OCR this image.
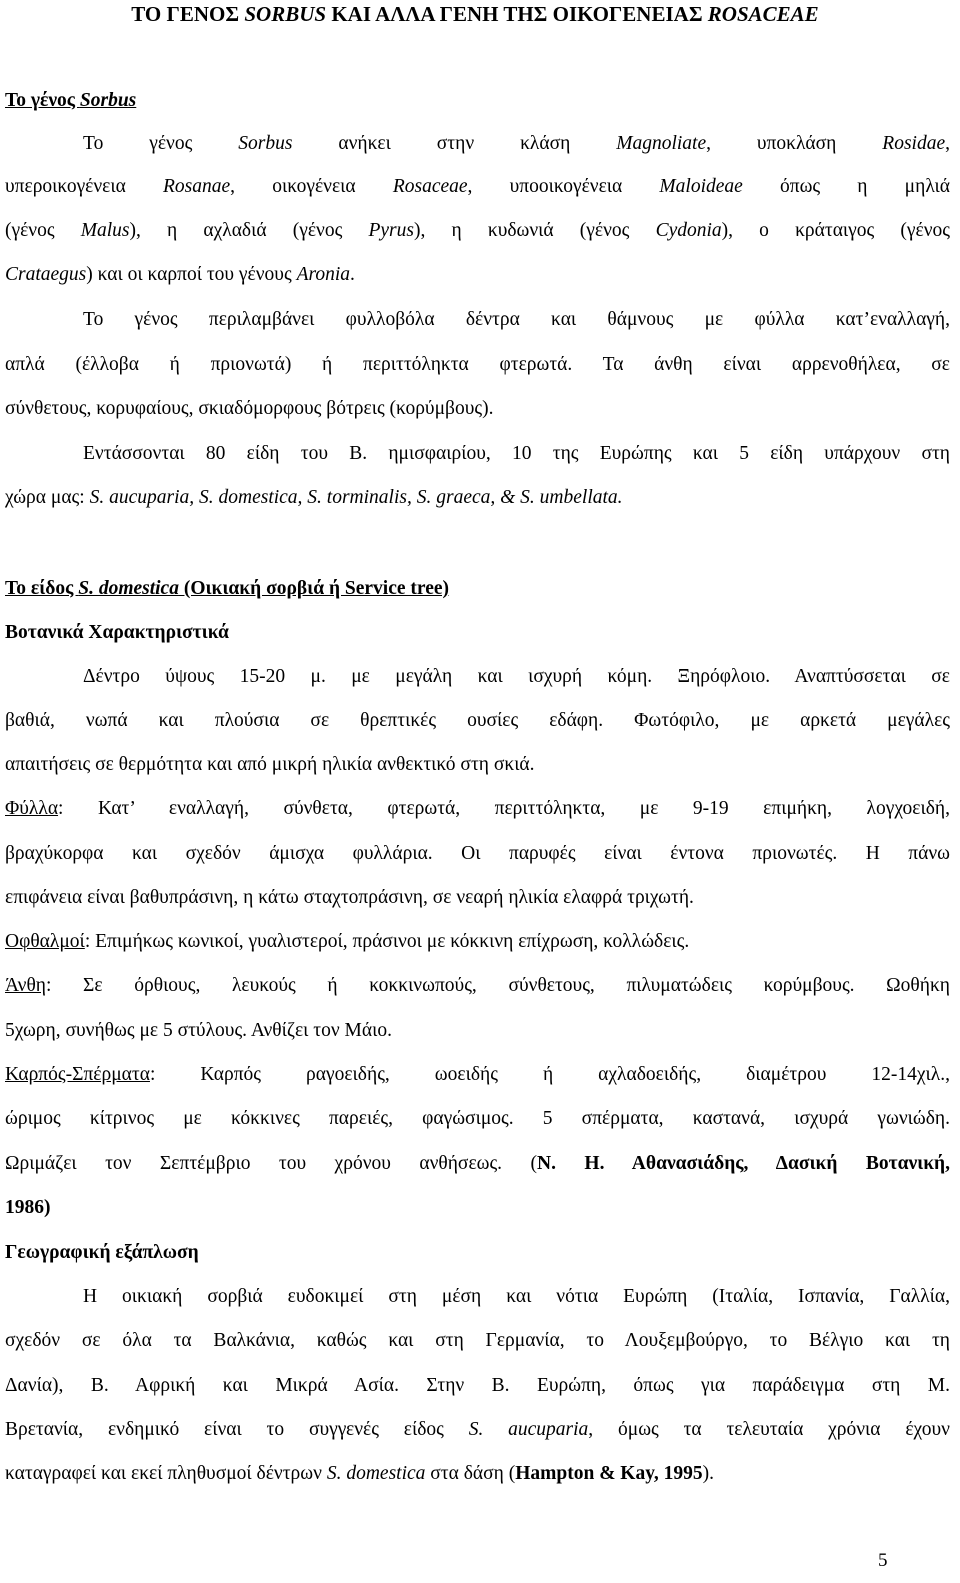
ΤΟ ΓΕΝΟΣ SORBUS ΚΑΙ ΑΛΛΑ ΓΕΝΗ ΤΗΣ ΟΙΚΟΓΕΝΕΙΑΣ ROSACEAE
Το γένος Sorbus
Το γένος Sorbus ανήκει στην κλάση Magnoliate, υποκλάση Rosidae,
υπεροικογένεια Rosanae, οικογένεια Rosaceae, υποοικογένεια Maloideae όπως η μηλιά
(γένος Malus), η αχλαδιά (γένος Pyrus), η κυδωνιά (γένος Cydonia), ο κράταιγος (γένος
Crataegus) και οι καρποί του γένους Aronia.
Το γένος περιλαμβάνει φυλλοβόλα δέντρα και θάμνους με φύλλα κατ’εναλλαγή,
απλά (έλλοβα ή πριονωτά) ή περιττόληκτα φτερωτά. Τα άνθη είναι αρρενοθήλεα, σε
σύνθετους, κορυφαίους, σκιαδόμορφους βότρεις (κορύμβους).
Εντάσσονται 80 είδη του Β. ημισφαιρίου, 10 της Ευρώπης και 5 είδη υπάρχουν στη
χώρα μας: S. aucuparia, S. domestica, S. torminalis, S. graeca, & S. umbellata.
Το είδος S. domestica (Οικιακή σορβιά ή Service tree)
Βοτανικά Χαρακτηριστικά
Δέντρο ύψους 15-20 μ. με μεγάλη και ισχυρή κόμη. Ξηρόφλοιο. Αναπτύσσεται σε
βαθιά, νωπά και πλούσια σε θρεπτικές ουσίες εδάφη. Φωτόφιλο, με αρκετά μεγάλες
απαιτήσεις σε θερμότητα και από μικρή ηλικία ανθεκτικό στη σκιά.
Φύλλα: Κατ’ εναλλαγή, σύνθετα, φτερωτά, περιττόληκτα, με 9-19 επιμήκη, λογχοειδή,
βραχύκορφα και σχεδόν άμισχα φυλλάρια. Οι παρυφές είναι έντονα πριονωτές. Η πάνω
επιφάνεια είναι βαθυπράσινη, η κάτω σταχτοπράσινη, σε νεαρή ηλικία ελαφρά τριχωτή.
Οφθαλμοί: Επιμήκως κωνικοί, γυαλιστεροί, πράσινοι με κόκκινη επίχρωση, κολλώδεις.
Άνθη: Σε όρθιους, λευκούς ή κοκκινωπούς, σύνθετους, πιλυματώδεις κορύμβους. Ωοθήκη
5χωρη, συνήθως με 5 στύλους. Ανθίζει τον Μάιο.
Καρπός-Σπέρματα: Καρπός ραγοειδής, ωοειδής ή αχλαδοειδής, διαμέτρου 12-14χιλ.,
ώριμος κίτρινος με κόκκινες παρειές, φαγώσιμος. 5 σπέρματα, καστανά, ισχυρά γωνιώδη.
Ωριμάζει τον Σεπτέμβριο του χρόνου ανθήσεως. (Ν. Η. Αθανασιάδης, Δασική Βοτανική,
1986)
Γεωγραφική εξάπλωση
Η οικιακή σορβιά ευδοκιμεί στη μέση και νότια Ευρώπη (Ιταλία, Ισπανία, Γαλλία,
σχεδόν σε όλα τα Βαλκάνια, καθώς και στη Γερμανία, το Λουξεμβούργο, το Βέλγιο και τη
Δανία), Β. Αφρική και Μικρά Ασία. Στην Β. Ευρώπη, όπως για παράδειγμα στη Μ.
Βρετανία, ενδημικό είναι το συγγενές είδος S. aucuparia, όμως τα τελευταία χρόνια έχουν
καταγραφεί και εκεί πληθυσμοί δέντρων S. domestica στα δάση (Hampton & Kay, 1995).
5
